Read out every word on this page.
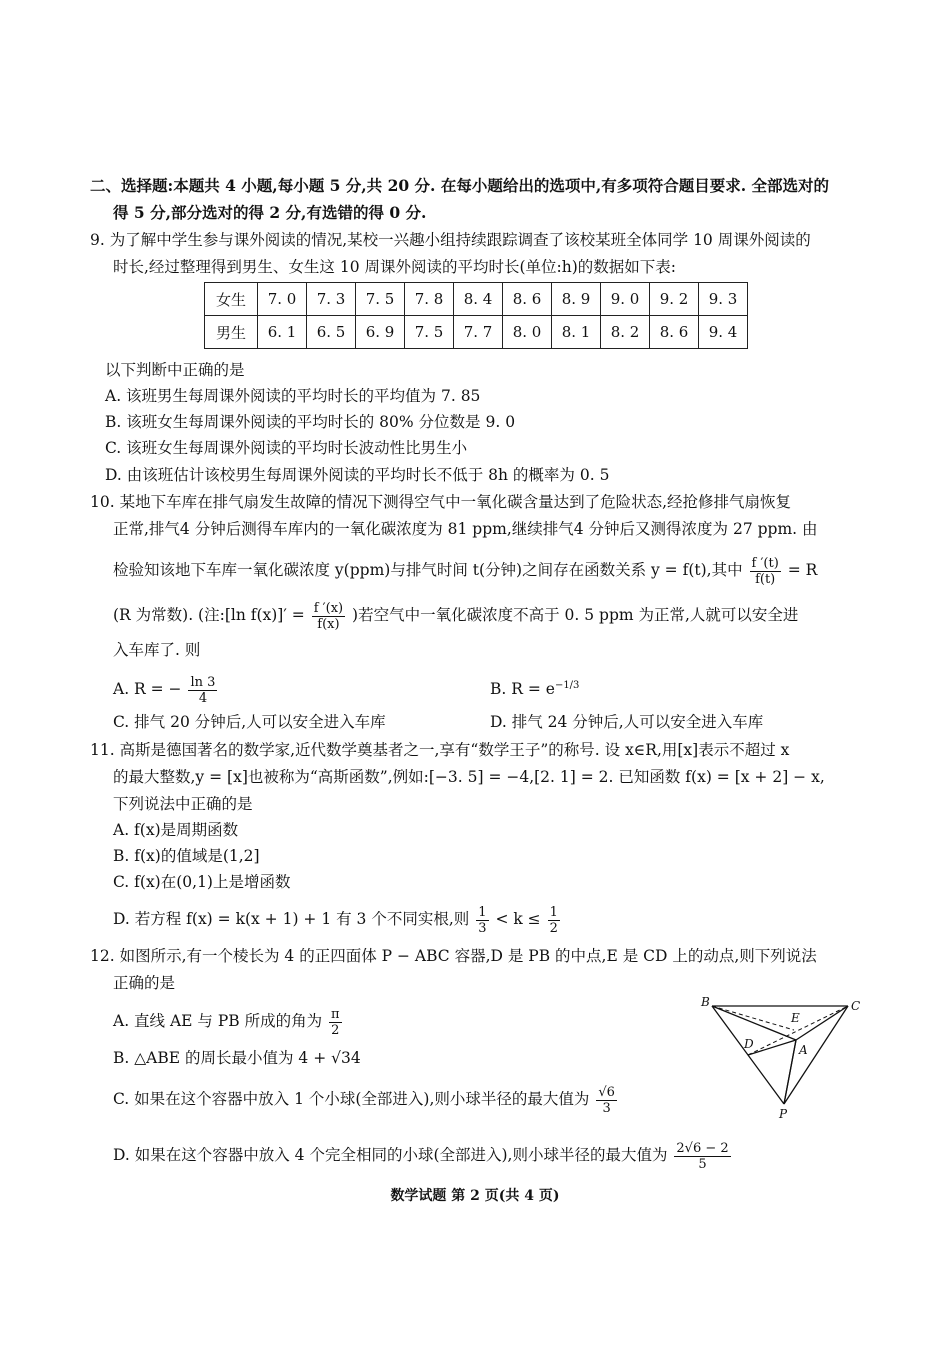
二、选择题:本题共 4 小题,每小题 5 分,共 20 分. 在每小题给出的选项中,有多项符合题目要求. 全部选对的
得 5 分,部分选对的得 2 分,有选错的得 0 分.
9. 为了解中学生参与课外阅读的情况,某校一兴趣小组持续跟踪调查了该校某班全体同学 10 周课外阅读的
时长,经过整理得到男生、女生这 10 周课外阅读的平均时长(单位:h)的数据如下表:
女生	7. 0	7. 3	7. 5	7. 8	8. 4	8. 6	8. 9	9. 0	9. 2	9. 3
男生	6. 1	6. 5	6. 9	7. 5	7. 7	8. 0	8. 1	8. 2	8. 6	9. 4
以下判断中正确的是
A. 该班男生每周课外阅读的平均时长的平均值为 7. 85
B. 该班女生每周课外阅读的平均时长的 80% 分位数是 9. 0
C. 该班女生每周课外阅读的平均时长波动性比男生小
D. 由该班估计该校男生每周课外阅读的平均时长不低于 8h 的概率为 0. 5
10. 某地下车库在排气扇发生故障的情况下测得空气中一氧化碳含量达到了危险状态,经抢修排气扇恢复
正常,排气4 分钟后测得车库内的一氧化碳浓度为 81 ppm,继续排气4 分钟后又测得浓度为 27 ppm. 由
检验知该地下车库一氧化碳浓度 y(ppm)与排气时间 t(分钟)之间存在函数关系 y = f(t),其中 $\frac{f '(t)}{f(t)} = R$
(R 为常数). (注:[ln $f(x)]' = \frac{f '(x)}{f(x)}$ )若空气中一氧化碳浓度不高于 0. 5 ppm 为正常,人就可以安全进
入车库了. 则
A. R = − $\frac{\ln 3}{4}$	B. $R = e^{-1/3}$
C. 排气 20 分钟后,人可以安全进入车库	D. 排气 24 分钟后,人可以安全进入车库
11. 高斯是德国著名的数学家,近代数学奠基者之一,享有“数学王子”的称号. 设 x∈R,用[x]表示不超过 x
的最大整数,y = [x]也被称为“高斯函数”,例如:[−3. 5] = −4,[2. 1] = 2. 已知函数 f(x) = [x + 2] − x,
下列说法中正确的是
A. f(x)是周期函数
B. f(x)的值域是(1,2]
C. f(x)在(0,1)上是增函数
D. 若方程 f(x) = k(x + 1) + 1 有 3 个不同实根,则 $\frac{1}{3} < k \le \frac{1}{2}$
12. 如图所示,有一个棱长为 4 的正四面体 P − ABC 容器,D 是 PB 的中点,E 是 CD 上的动点,则下列说法
正确的是
A. 直线 AE 与 PB 所成的角为 $\frac{\pi}{2}$
B. △ABE 的周长最小值为 4 + √34
C. 如果在这个容器中放入 1 个小球(全部进入),则小球半径的最大值为 $\frac{√6}{3}$
D. 如果在这个容器中放入 4 个完全相同的小球(全部进入),则小球半径的最大值为 $\frac{2√6 - 2}{5}$
B	C
E
D	A
P
数学试题 第 2 页(共 4 页)
